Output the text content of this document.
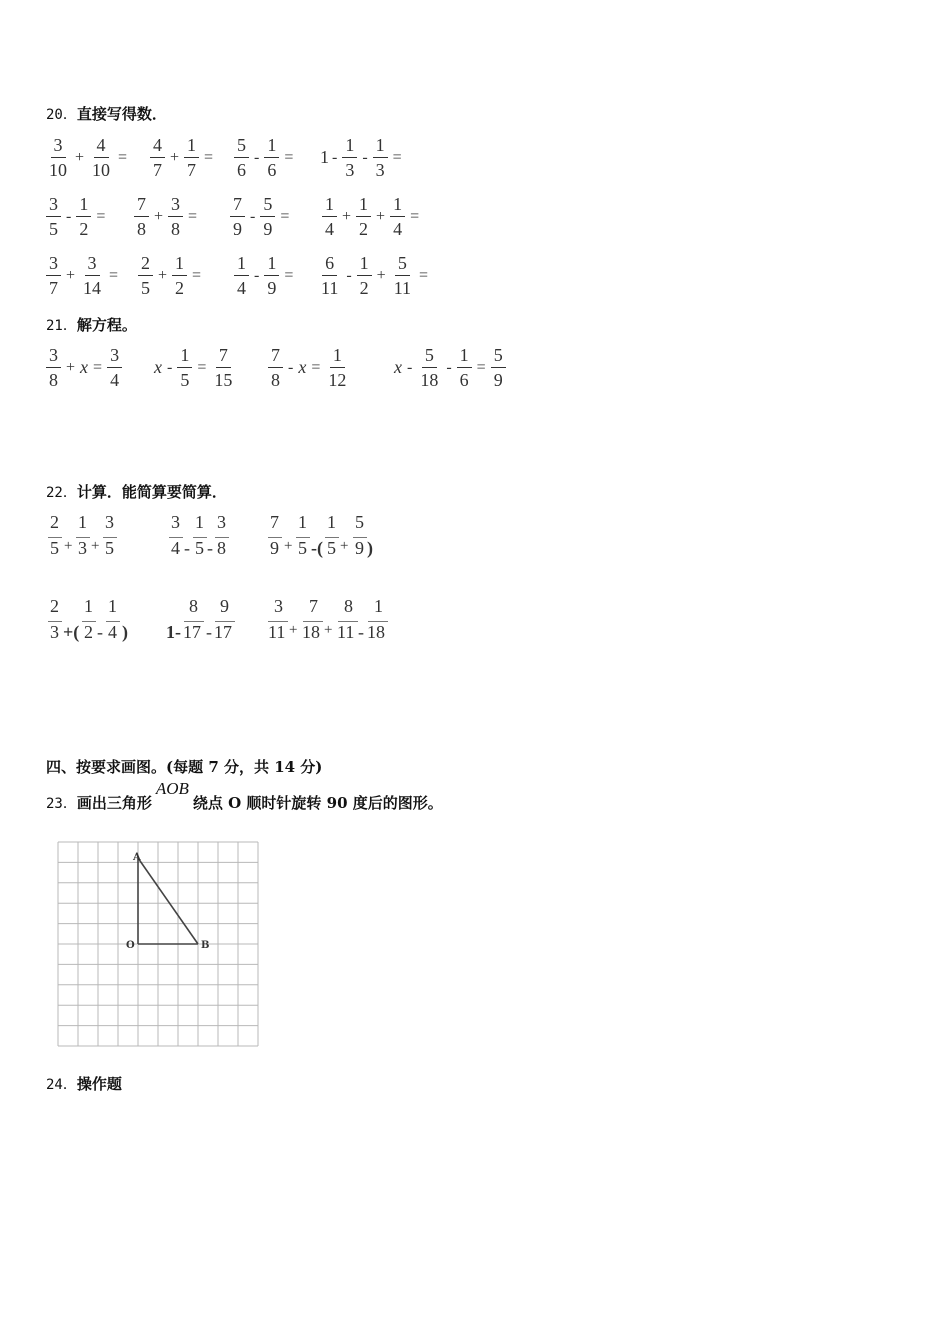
20．直接写得数．
$\frac{3}{10} + \frac{4}{10} = \frac{4}{7} + \frac{1}{7} = \frac{5}{6} - \frac{1}{6} = 1 - \frac{1}{3} - \frac{1}{3}$ =
$\frac{3}{5} - \frac{1}{2} = \frac{7}{8} + \frac{3}{8} = \frac{7}{9} - \frac{5}{9} = \frac{1}{4} + \frac{1}{2} + \frac{1}{4}$ =
$\frac{3}{7} + \frac{3}{14} = \frac{2}{5} + \frac{1}{2} = \frac{1}{4} - \frac{1}{9} = \frac{6}{11} - \frac{1}{2} + \frac{5}{11}$ =
21．解方程。
$\frac{3}{8} + x = \frac{3}{4}$ $x - \frac{1}{5} = \frac{7}{15} \frac{7}{8} - x = \frac{1}{12}$ $x - \frac{5}{18} - \frac{1}{6} = \frac{5}{9}$
22．计算．能简算要简算．
2 1 3
5 + 3 + 5
3 1 3
4 - 5 - 8
7 1 1 5
9 + 5 -( 5 + 9 )
2 1 1
3 +( 2 - 4 )
8 9
1- 17 - 17
3 7 8 1
11 + 18 + 11 - 18
四、按要求画图。(每题 7 分，共 14 分)
23．画出三角形AOB绕点 O 顺时针旋转 90 度后的图形。
A
O	B
24．操作题
